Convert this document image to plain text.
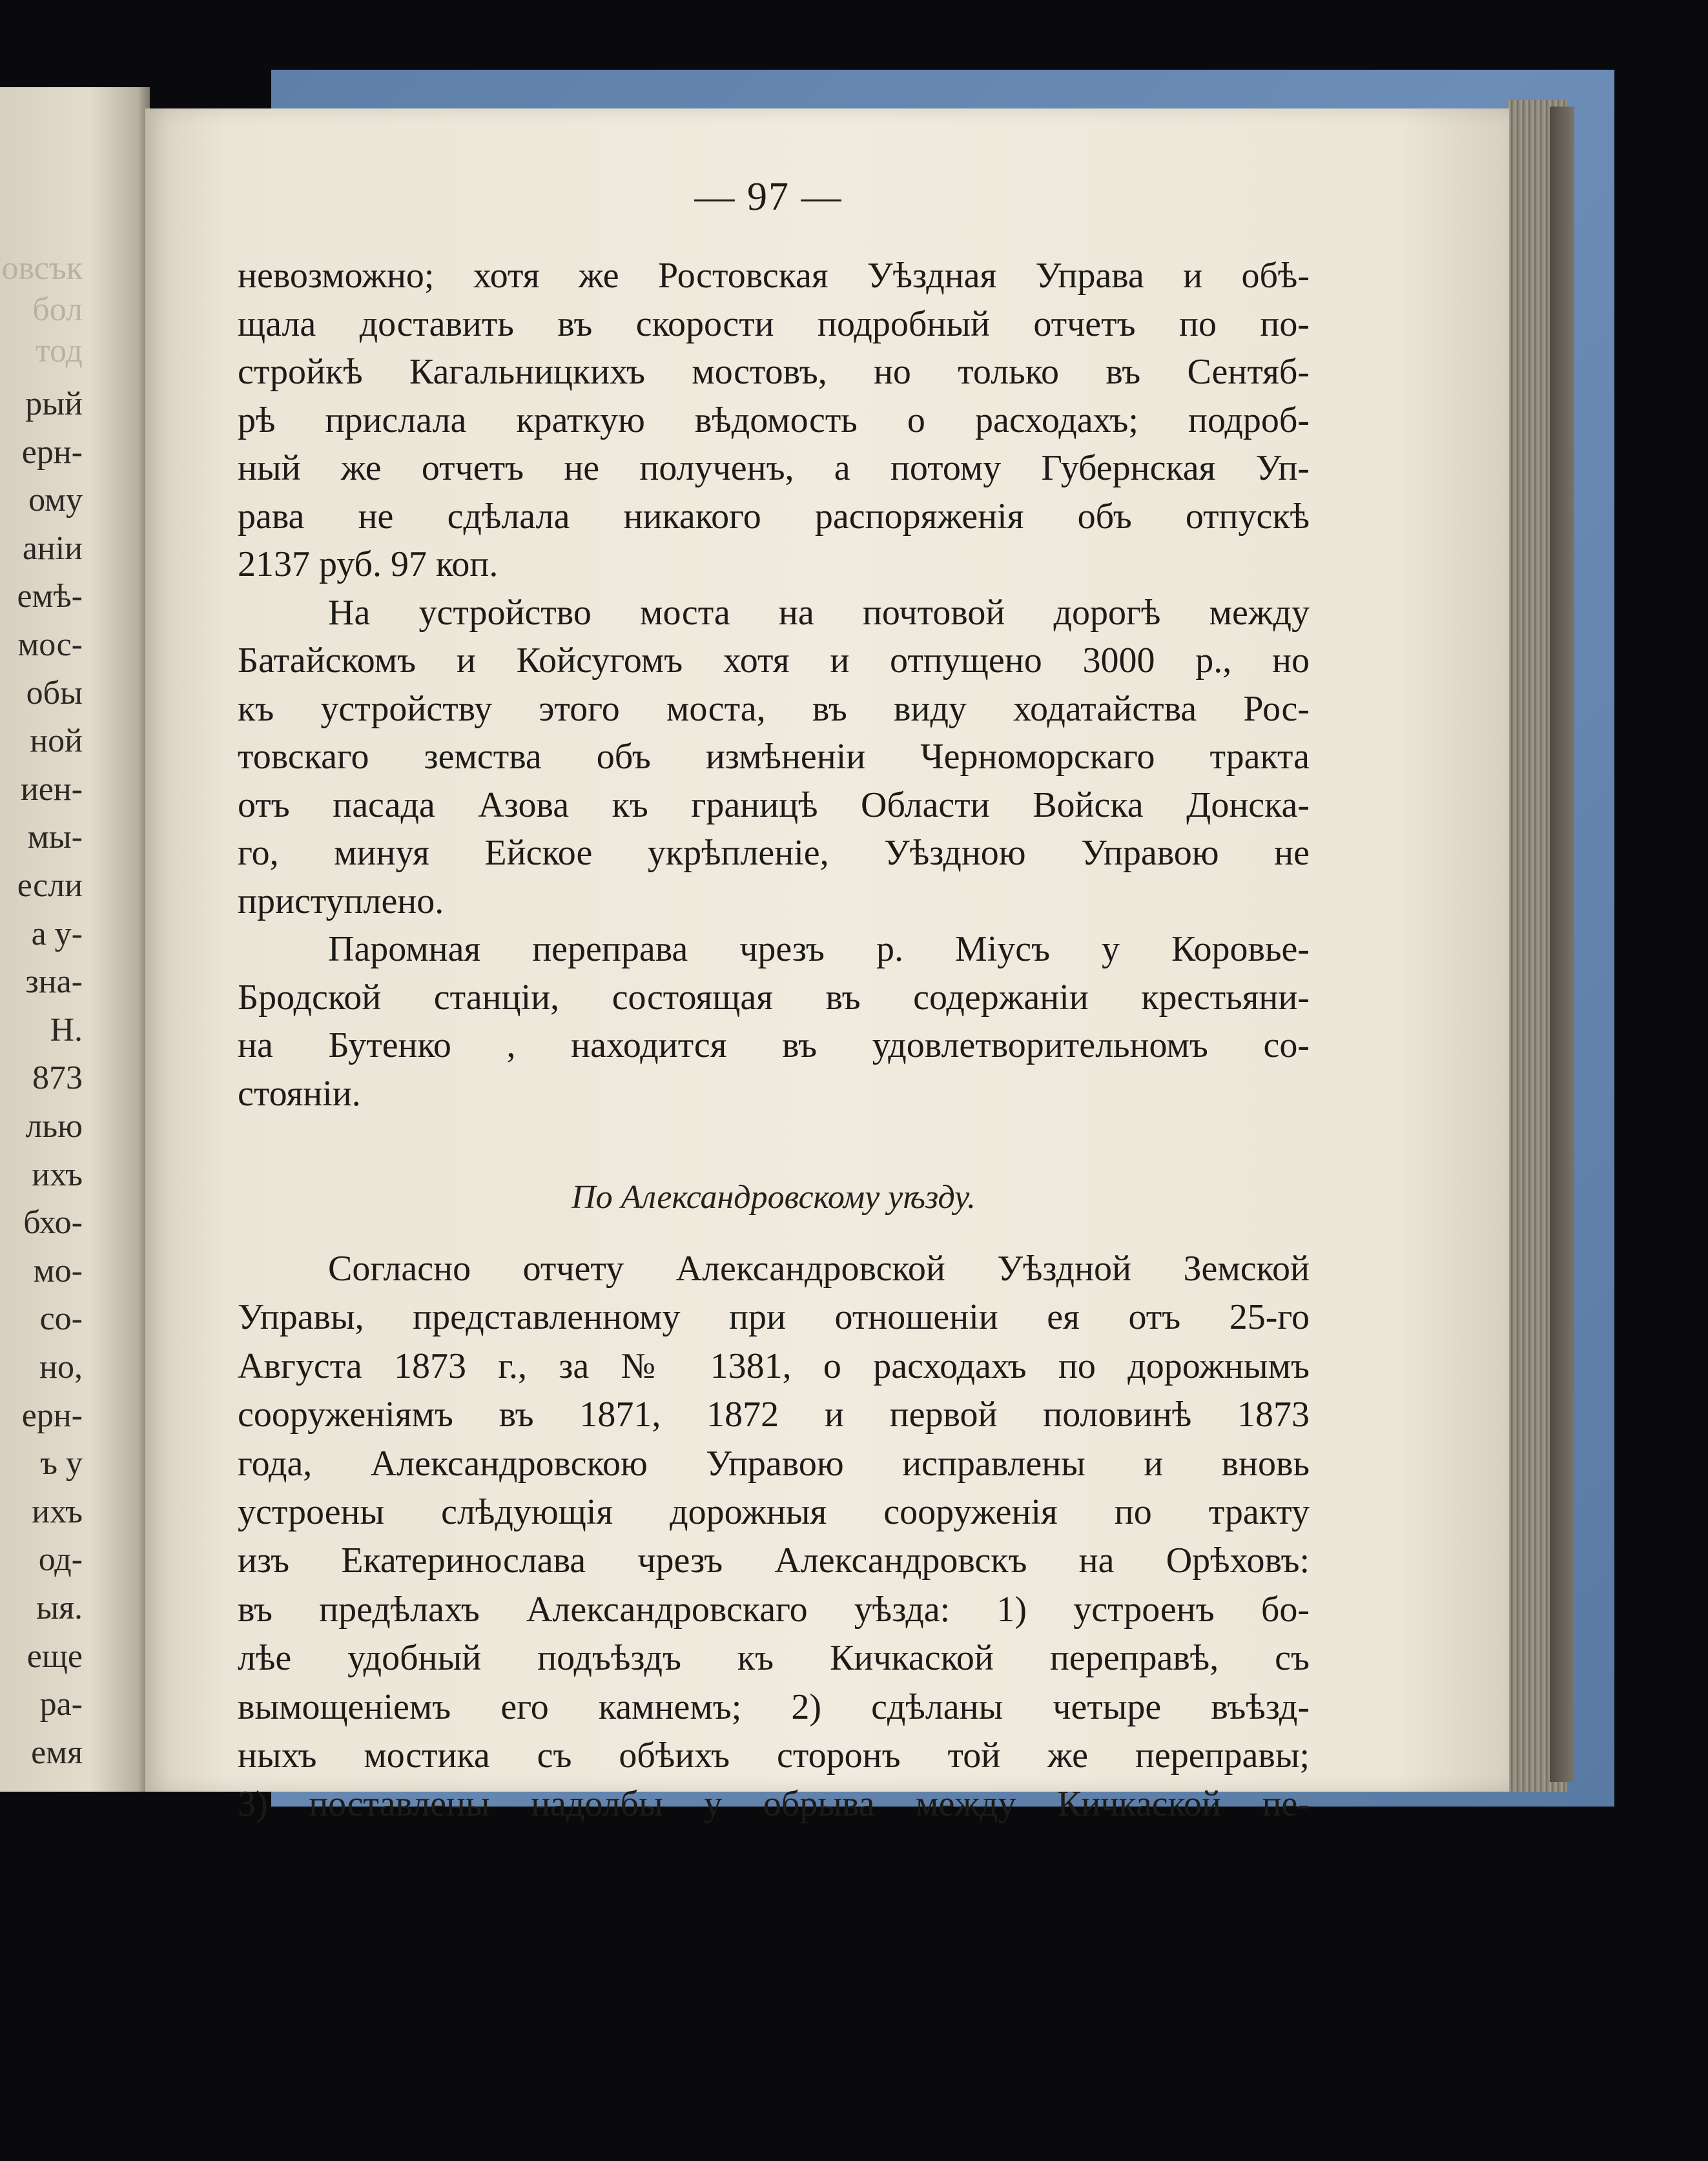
овсък
бол
тод
рый
ерн-
ому
аніи
емѣ-
мос-
обы
ной
иен-
мы-
если
а у-
зна-
Н.
873
лью
ихъ
бхо-
мо-
со-
но,
ерн-
ъ у
ихъ
од-
ыя.
еще
ра-
емя
— 97 —
невозможно; хотя же Ростовская Уѣздная Управа и обѣ-
щала доставить въ скорости подробный отчетъ по по-
стройкѣ Кагальницкихъ мостовъ, но только въ Сентяб-
рѣ прислала краткую вѣдомость о расходахъ; подроб-
ный же отчетъ не полученъ, а потому Губернская Уп-
рава не сдѣлала никакого распоряженія объ отпускѣ
2137 руб. 97 коп.
На устройство моста на почтовой дорогѣ между
Батайскомъ и Койсугомъ хотя и отпущено 3000 р., но
къ устройству этого моста, въ виду ходатайства Рос-
товскаго земства объ измѣненіи Черноморскаго тракта
отъ пасада Азова къ границѣ Области Войска Донска-
го, минуя Ейское укрѣпленіе, Уѣздною Управою не
приступлено.
Паромная переправа чрезъ р. Міусъ у Коровье-
Бродской станціи, состоящая въ содержаніи крестьяни-
на Бутенко , находится въ удовлетворительномъ со-
стояніи.
По Александровскому уѣзду.
Согласно отчету Александровской Уѣздной Земской
Управы, представленному при отношеніи ея отъ 25-го
Августа 1873 г., за № 1381, о расходахъ по дорожнымъ
сооруженіямъ въ 1871, 1872 и первой половинѣ 1873
года, Александровскою Управою исправлены и вновь
устроены слѣдующія дорожныя сооруженія по тракту
изъ Екатеринослава чрезъ Александровскъ на Орѣховъ:
въ предѣлахъ Александровскаго уѣзда: 1) устроенъ бо-
лѣе удобный подъѣздъ къ Кичкаской переправѣ, съ
вымощеніемъ его камнемъ; 2) сдѣланы четыре въѣзд-
ныхъ мостика съ обѣихъ сторонъ той же переправы;
3) поставлены надолбы у обрыва между Кичкаской пе-
